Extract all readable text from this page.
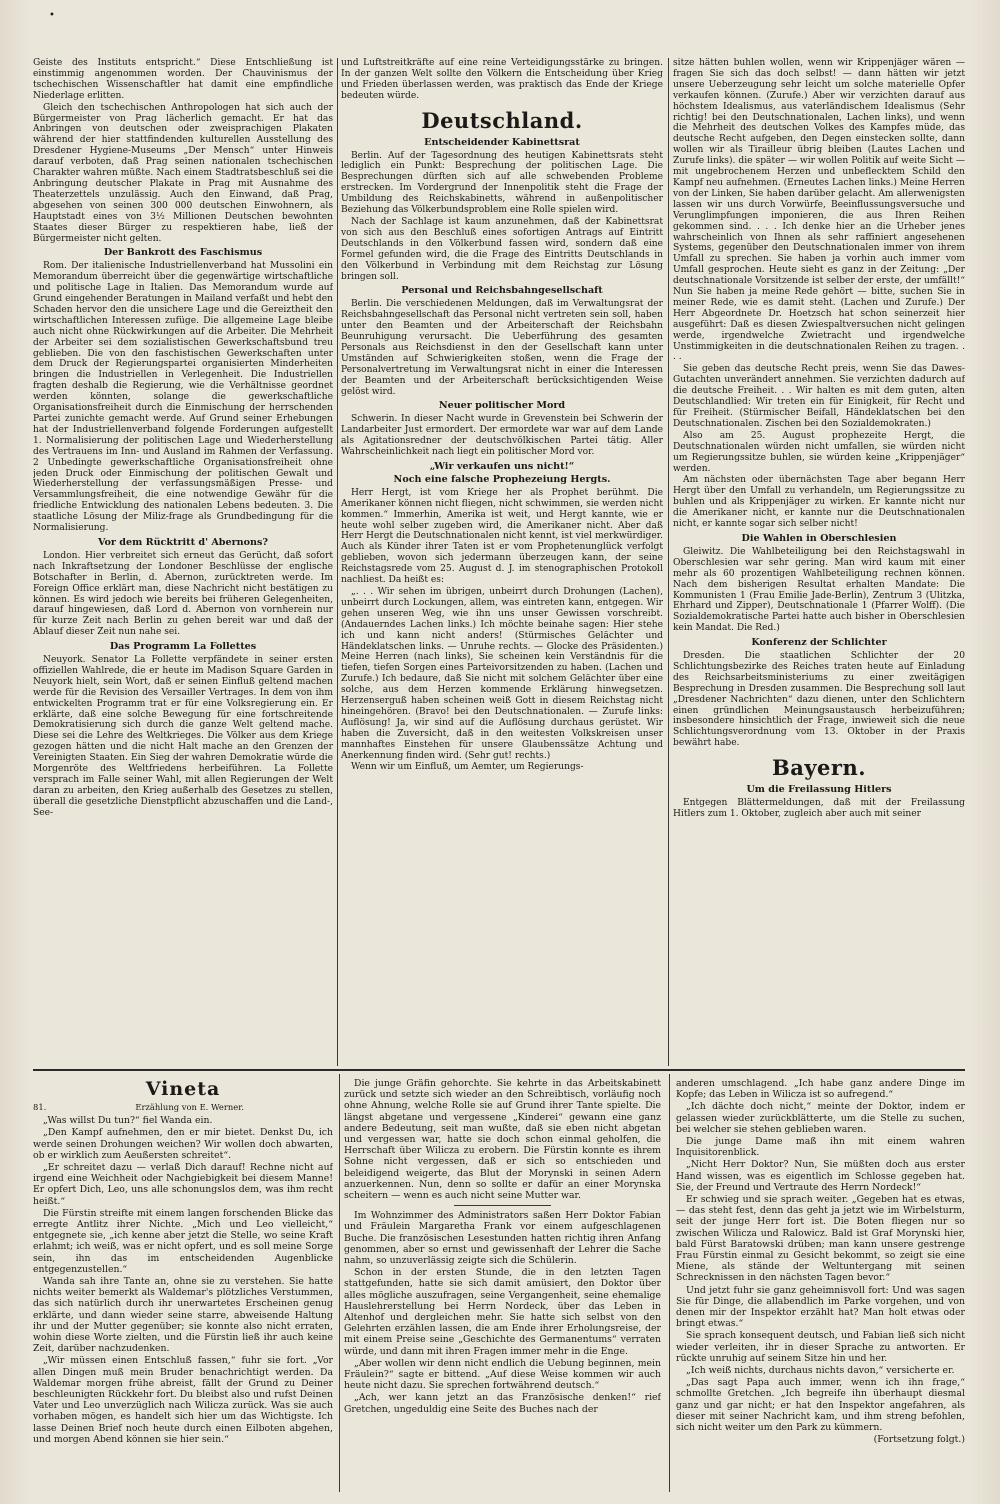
•

Geiste des Instituts entspricht.“ Diese Entschließung ist einstimmig angenommen worden. Der Chauvinismus der tschechischen Wissenschaftler hat damit eine empfindliche Niederlage erlitten.

Gleich den tschechischen Anthropologen hat sich auch der Bürgermeister von Prag lächerlich gemacht. Er hat das Anbringen von deutschen oder zweisprachigen Plakaten während der hier stattfindenden kulturellen Ausstellung des Dresdener Hygiene-Museums „Der Mensch“ unter Hinweis darauf verboten, daß Prag seinen nationalen tschechischen Charakter wahren müßte. Nach einem Stadtratsbeschluß sei die Anbringung deutscher Plakate in Prag mit Ausnahme des Theaterzettels unzulässig. Auch den Einwand, daß Prag, abgesehen von seinen 300 000 deutschen Einwohnern, als Hauptstadt eines von 3½ Millionen Deutschen bewohnten Staates dieser Bürger zu respektieren habe, ließ der Bürgermeister nicht gelten.

Der Bankrott des Faschismus

Rom. Der italienische Industriellenverband hat Mussolini ein Memorandum überreicht über die gegenwärtige wirtschaftliche und politische Lage in Italien. Das Memorandum wurde auf Grund eingehender Beratungen in Mailand verfaßt und hebt den Schaden hervor den die unsichere Lage und die Gereiztheit den wirtschaftlichen Interessen zufüge. Die allgemeine Lage bleibe auch nicht ohne Rückwirkungen auf die Arbeiter. Die Mehrheit der Arbeiter sei dem sozialistischen Gewerkschaftsbund treu geblieben. Die von den faschistischen Gewerkschaften unter dem Druck der Regierungspartei organisierten Minderheiten bringen die Industriellen in Verlegenheit. Die Industriellen fragten deshalb die Regierung, wie die Verhältnisse geordnet werden könnten, solange die gewerkschaftliche Organisationsfreiheit durch die Einmischung der herrschenden Partei zunichte gemacht werde. Auf Grund seiner Erhebungen hat der Industriellenverband folgende Forderungen aufgestellt 1. Normalisierung der politischen Lage und Wiederherstellung des Vertrauens im Inn- und Ausland im Rahmen der Verfassung. 2 Unbedingte gewerkschaftliche Organisationsfreiheit ohne jeden Druck oder Einmischung der politischen Gewalt und Wiederherstellung der verfassungsmäßigen Presse- und Versammlungsfreiheit, die eine notwendige Gewähr für die friedliche Entwicklung des nationalen Lebens bedeuten. 3. Die staatliche Lösung der Miliz-frage als Grundbedingung für die Normalisierung.

Vor dem Rücktritt d' Abernons?

London. Hier verbreitet sich erneut das Gerücht, daß sofort nach Inkraftsetzung der Londoner Beschlüsse der englische Botschafter in Berlin, d. Abernon, zurücktreten werde. Im Foreign Office erklärt man, diese Nachricht nicht bestätigen zu können. Es wird jedoch wie bereits bei früheren Gelegenheiten, darauf hingewiesen, daß Lord d. Abernon von vornherein nur für kurze Zeit nach Berlin zu gehen bereit war und daß der Ablauf dieser Zeit nun nahe sei.

Das Programm La Follettes

Neuyork. Senator La Follette verpfändete in seiner ersten offiziellen Wahlrede, die er heute im Madison Square Garden in Neuyork hielt, sein Wort, daß er seinen Einfluß geltend machen werde für die Revision des Versailler Vertrages. In dem von ihm entwickelten Programm trat er für eine Volksregierung ein. Er erklärte, daß eine solche Bewegung für eine fortschreitende Demokratisierung sich durch die ganze Welt geltend mache. Diese sei die Lehre des Weltkrieges. Die Völker aus dem Kriege gezogen hätten und die nicht Halt mache an den Grenzen der Vereinigten Staaten. Ein Sieg der wahren Demokratie würde die Morgenröte des Weltfriedens herbeiführen. La Follette versprach im Falle seiner Wahl, mit allen Regierungen der Welt daran zu arbeiten, den Krieg außerhalb des Gesetzes zu stellen, überall die gesetzliche Dienstpflicht abzuschaffen und die Land-, See-

und Luftstreitkräfte auf eine reine Verteidigungsstärke zu bringen. In der ganzen Welt sollte den Völkern die Entscheidung über Krieg und Frieden überlassen werden, was praktisch das Ende der Kriege bedeuten würde.

Deutschland.
Entscheidender Kabinettsrat

Berlin. Auf der Tagesordnung des heutigen Kabinettsrats steht lediglich ein Punkt: Besprechung der politischen Lage. Die Besprechungen dürften sich auf alle schwebenden Probleme erstrecken. Im Vordergrund der Innenpolitik steht die Frage der Umbildung des Reichskabinetts, während in außenpolitischer Beziehung das Völkerbundsproblem eine Rolle spielen wird.

Nach der Sachlage ist kaum anzunehmen, daß der Kabinettsrat von sich aus den Beschluß eines sofortigen Antrags auf Eintritt Deutschlands in den Völkerbund fassen wird, sondern daß eine Formel gefunden wird, die die Frage des Eintritts Deutschlands in den Völkerbund in Verbindung mit dem Reichstag zur Lösung bringen soll.

Personal und Reichsbahngesellschaft

Berlin. Die verschiedenen Meldungen, daß im Verwaltungsrat der Reichsbahngesellschaft das Personal nicht vertreten sein soll, haben unter den Beamten und der Arbeiterschaft der Reichsbahn Beunruhigung verursacht. Die Ueberführung des gesamten Personals aus Reichsdienst in den der Gesellschaft kann unter Umständen auf Schwierigkeiten stoßen, wenn die Frage der Personalvertretung im Verwaltungsrat nicht in einer die Interessen der Beamten und der Arbeiterschaft berücksichtigenden Weise gelöst wird.

Neuer politischer Mord

Schwerin. In dieser Nacht wurde in Grevenstein bei Schwerin der Landarbeiter Just ermordert. Der ermordete war war auf dem Lande als Agitationsredner der deutschvölkischen Partei tätig. Aller Wahrscheinlichkeit nach liegt ein politischer Mord vor.

„Wir verkaufen uns nicht!“
Noch eine falsche Prophezeiung Hergts.

Herr Hergt, ist vom Kriege her als Prophet berühmt. Die Amerikaner können nicht fliegen, nicht schwimmen, sie werden nicht kommen.“ Immerhin, Amerika ist weit, und Hergt kannte, wie er heute wohl selber zugeben wird, die Amerikaner nicht. Aber daß Herr Hergt die Deutschnationalen nicht kennt, ist viel merkwürdiger. Auch als Künder ihrer Taten ist er vom Prophetenunglück verfolgt geblieben, wovon sich jedermann überzeugen kann, der seine Reichstagsrede vom 25. August d. J. im stenographischen Protokoll nachliest. Da heißt es:

„. . . Wir sehen im übrigen, unbeirrt durch Drohungen (Lachen), unbeirrt durch Lockungen, allem, was eintreten kann, entgegen. Wir gehen unseren Weg, wie ihn uns unser Gewissen vorschreibt. (Andauerndes Lachen links.) Ich möchte beinahe sagen: Hier stehe ich und kann nicht anders! (Stürmisches Gelächter und Händeklatschen links. — Unruhe rechts. — Glocke des Präsidenten.) Meine Herren (nach links), Sie scheinen kein Verständnis für die tiefen, tiefen Sorgen eines Parteivorsitzenden zu haben. (Lachen und Zurufe.) Ich bedaure, daß Sie nicht mit solchem Gelächter über eine solche, aus dem Herzen kommende Erklärung hinwegsetzen. Herzenserguß haben scheinen weiß Gott in diesem Reichstag nicht hineingehören. (Bravo! bei den Deutschnationalen. — Zurufe links: Auflösung! Ja, wir sind auf die Auflösung durchaus gerüstet. Wir haben die Zuversicht, daß in den weitesten Volkskreisen unser mannhaftes Einstehen für unsere Glaubenssätze Achtung und Anerkennung finden wird. (Sehr gut! rechts.)

Wenn wir um Einfluß, um Aemter, um Regierungs-

sitze hätten buhlen wollen, wenn wir Krippenjäger wären — fragen Sie sich das doch selbst! — dann hätten wir jetzt unsere Ueberzeugung sehr leicht um solche materielle Opfer verkaufen können. (Zurufe.) Aber wir verzichten darauf aus höchstem Idealismus, aus vaterländischem Idealismus (Sehr richtig! bei den Deutschnationalen, Lachen links), und wenn die Mehrheit des deutschen Volkes des Kampfes müde, das deutsche Recht aufgeben, den Degen einstecken sollte, dann wollen wir als Tirailleur übrig bleiben (Lautes Lachen und Zurufe links). die später — wir wollen Politik auf weite Sicht — mit ungebrochenem Herzen und unbeflecktem Schild den Kampf neu aufnehmen. (Erneutes Lachen links.) Meine Herren von der Linken, Sie haben darüber gelacht. Am allerwenigsten lassen wir uns durch Vorwürfe, Beeinflussungsversuche und Verunglimpfungen imponieren, die aus Ihren Reihen gekommen sind. . . . Ich denke hier an die Urheber jenes wahrscheinlich von Ihnen als sehr raffiniert angesehenen Systems, gegenüber den Deutschnationalen immer von ihrem Umfall zu sprechen. Sie haben ja vorhin auch immer vom Umfall gesprochen. Heute sieht es ganz in der Zeitung: „Der deutschnationale Vorsitzende ist selber der erste, der umfällt!“ Nun Sie haben ja meine Rede gehört — bitte, suchen Sie in meiner Rede, wie es damit steht. (Lachen und Zurufe.) Der Herr Abgeordnete Dr. Hoetzsch hat schon seinerzeit hier ausgeführt: Daß es diesen Zwiespaltversuchen nicht gelingen werde, irgendwelche Zwietracht und irgendwelche Unstimmigkeiten in die deutschnationalen Reihen zu tragen. . . .

Sie geben das deutsche Recht preis, wenn Sie das Dawes-Gutachten unverändert annehmen. Sie verzichten dadurch auf die deutsche Freiheit. . . Wir halten es mit dem guten, alten Deutschlandlied: Wir treten ein für Einigkeit, für Recht und für Freiheit. (Stürmischer Beifall, Händeklatschen bei den Deutschnationalen. Zischen bei den Sozialdemokraten.)

Also am 25. August prophezeite Hergt, die Deutschnationalen würden nicht umfallen, sie würden nicht um Regierungssitze buhlen, sie würden keine „Krippenjäger“ werden.

Am nächsten oder übernächsten Tage aber begann Herr Hergt über den Umfall zu verhandeln, um Regierungssitze zu buhlen und als Krippenjäger zu wirken. Er kannte nicht nur die Amerikaner nicht, er kannte nur die Deutschnationalen nicht, er kannte sogar sich selber nicht!

Die Wahlen in Oberschlesien

Gleiwitz. Die Wahlbeteiligung bei den Reichstagswahl in Oberschlesien war sehr gering. Man wird kaum mit einer mehr als 60 prozentigen Wahlbeteiligung rechnen können. Nach dem bisherigen Resultat erhalten Mandate: Die Kommunisten 1 (Frau Emilie Jade-Berlin), Zentrum 3 (Ulitzka, Ehrhard und Zipper), Deutschnationale 1 (Pfarrer Wolff). (Die Sozialdemokratische Partei hatte auch bisher in Oberschlesien kein Mandat. Die Red.)

Konferenz der Schlichter

Dresden. Die staatlichen Schlichter der 20 Schlichtungsbezirke des Reiches traten heute auf Einladung des Reichsarbeitsministeriums zu einer zweitägigen Besprechung in Dresden zusammen. Die Besprechung soll laut „Dresdener Nachrichten“ dazu dienen, unter den Schlichtern einen gründlichen Meinungsaustausch herbeizuführen; insbesondere hinsichtlich der Frage, inwieweit sich die neue Schlichtungsverordnung vom 13. Oktober in der Praxis bewährt habe.

Bayern.
Um die Freilassung Hitlers

Entgegen Blättermeldungen, daß mit der Freilassung Hitlers zum 1. Oktober, zugleich aber auch mit seiner

Vineta
81.	Erzählung von E. Werner.

„Was willst Du tun?“ fiel Wanda ein.

„Den Kampf aufnehmen, den er mir bietet. Denkst Du, ich werde seinen Drohungen weichen? Wir wollen doch abwarten, ob er wirklich zum Aeußersten schreitet“.

„Er schreitet dazu — verlaß Dich darauf! Rechne nicht auf irgend eine Weichheit oder Nachgiebigkeit bei diesem Manne! Er opfert Dich, Leo, uns alle schonungslos dem, was ihm recht heißt.“

Die Fürstin streifte mit einem langen forschenden Blicke das erregte Antlitz ihrer Nichte. „Mich und Leo vielleicht,“ entgegnete sie, „ich kenne aber jetzt die Stelle, wo seine Kraft erlahmt; ich weiß, was er nicht opfert, und es soll meine Sorge sein, ihn das im entscheidenden Augenblicke entgegenzustellen.“

Wanda sah ihre Tante an, ohne sie zu verstehen. Sie hatte nichts weiter bemerkt als Waldemar's plötzliches Verstummen, das sich natürlich durch ihr unerwartetes Erscheinen genug erklärte, und dann wieder seine starre, abweisende Haltung ihr und der Mutter gegenüber; sie konnte also nicht erraten, wohin diese Worte zielten, und die Fürstin ließ ihr auch keine Zeit, darüber nachzudenken.

„Wir müssen einen Entschluß fassen,“ fuhr sie fort. „Vor allen Dingen muß mein Bruder benachrichtigt werden. Da Waldemar morgen frühe abreist, fällt der Grund zu Deiner beschleunigten Rückkehr fort. Du bleibst also und rufst Deinen Vater und Leo unverzüglich nach Wilicza zurück. Was sie auch vorhaben mögen, es handelt sich hier um das Wichtigste. Ich lasse Deinen Brief noch heute durch einen Eilboten abgehen, und morgen Abend können sie hier sein.“

Die junge Gräfin gehorchte. Sie kehrte in das Arbeitskabinett zurück und setzte sich wieder an den Schreibtisch, vorläufig noch ohne Ahnung, welche Rolle sie auf Grund ihrer Tante spielte. Die längst abgetane und vergessene „Kinderei“ gewann eine ganz andere Bedeutung, seit man wußte, daß sie eben nicht abgetan und vergessen war, hatte sie doch schon einmal geholfen, die Herrschaft über Wilicza zu erobern. Die Fürstin konnte es ihrem Sohne nicht vergessen, daß er sich so entschieden und beleidigend weigerte, das Blut der Morynski in seinen Adern anzuerkennen. Nun, denn so sollte er dafür an einer Morynska scheitern — wenn es auch nicht seine Mutter war.

Im Wohnzimmer des Administrators saßen Herr Doktor Fabian und Fräulein Margaretha Frank vor einem aufgeschlagenen Buche. Die französischen Lesestunden hatten richtig ihren Anfang genommen, aber so ernst und gewissenhaft der Lehrer die Sache nahm, so unzuverlässig zeigte sich die Schülerin.

Schon in der ersten Stunde, die in den letzten Tagen stattgefunden, hatte sie sich damit amüsiert, den Doktor über alles mögliche auszufragen, seine Vergangenheit, seine ehemalige Hauslehrerstellung bei Herrn Nordeck, über das Leben in Altenhof und dergleichen mehr. Sie hatte sich selbst von den Gelehrten erzählen lassen, die am Ende ihrer Erholungsreise, der mit einem Preise seine „Geschichte des Germanentums“ verraten würde, und dann mit ihren Fragen immer mehr in die Enge.

„Aber wollen wir denn nicht endlich die Uebung beginnen, mein Fräulein?“ sagte er bittend. „Auf diese Weise kommen wir auch heute nicht dazu. Sie sprechen fortwährend deutsch.“

„Ach, wer kann jetzt an das Französische denken!“ rief Gretchen, ungeduldig eine Seite des Buches nach der

anderen umschlagend. „Ich habe ganz andere Dinge im Kopfe; das Leben in Wilicza ist so aufregend.“

„Ich dächte doch nicht,“ meinte der Doktor, indem er gelassen wieder zurückblätterte, um die Stelle zu suchen, bei welcher sie stehen geblieben waren.

Die junge Dame maß ihn mit einem wahren Inquisitorenblick.

„Nicht Herr Doktor? Nun, Sie müßten doch aus erster Hand wissen, was es eigentlich im Schlosse gegeben hat. Sie, der Freund und Vertraute des Herrn Nordeck!“

Er schwieg und sie sprach weiter. „Gegeben hat es etwas, — das steht fest, denn das geht ja jetzt wie im Wirbelsturm, seit der junge Herr fort ist. Die Boten fliegen nur so zwischen Wilicza und Ralowicz. Bald ist Graf Morynski hier, bald Fürst Baratowski drüben; man kann unsere gestrenge Frau Fürstin einmal zu Gesicht bekommt, so zeigt sie eine Miene, als stände der Weltuntergang mit seinen Schrecknissen in den nächsten Tagen bevor.“

Und jetzt fuhr sie ganz geheimnisvoll fort: Und was sagen Sie für Dinge, die allabendlich im Parke vorgehen, und von denen mir der Inspektor erzählt hat? Man holt etwas oder bringt etwas.“

Sie sprach konsequent deutsch, und Fabian ließ sich nicht wieder verleiten, ihr in dieser Sprache zu antworten. Er rückte unruhig auf seinem Sitze hin und her.

„Ich weiß nichts, durchaus nichts davon,“ versicherte er.

„Das sagt Papa auch immer, wenn ich ihn frage,“ schmollte Gretchen. „Ich begreife ihn überhaupt diesmal ganz und gar nicht; er hat den Inspektor angefahren, als dieser mit seiner Nachricht kam, und ihm streng befohlen, sich nicht weiter um den Park zu kümmern.

(Fortsetzung folgt.)
